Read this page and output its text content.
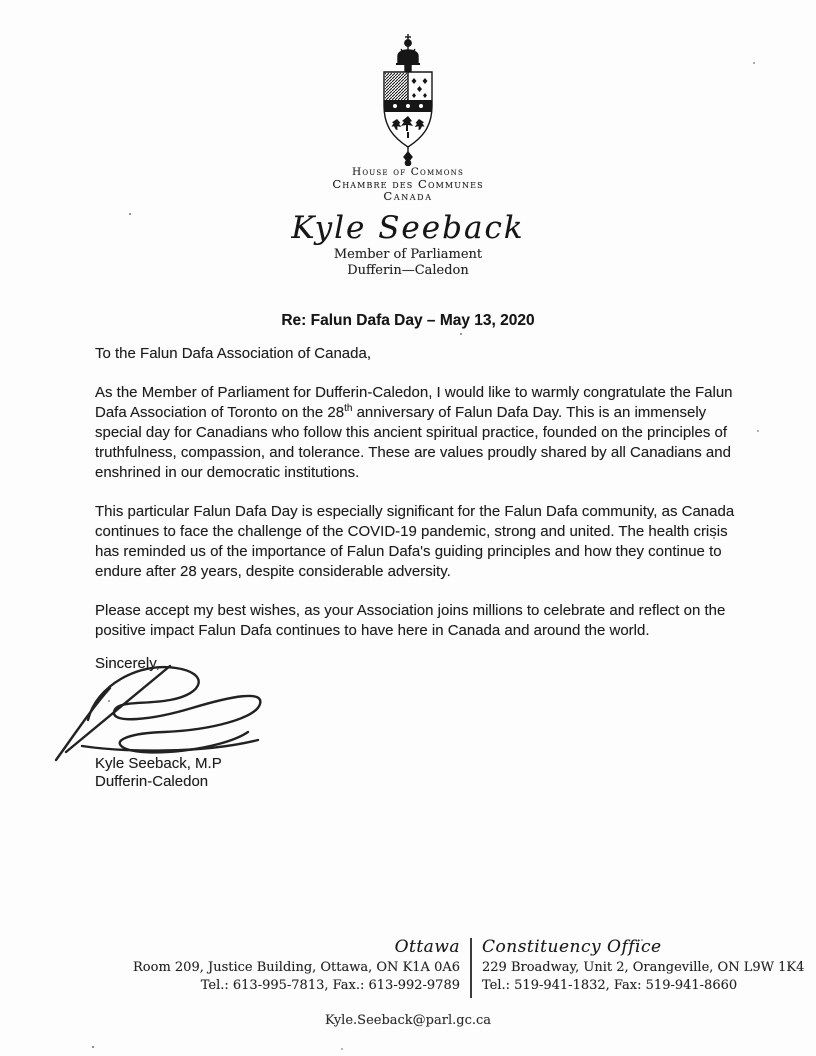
House of Commons
Chambre des Communes
Canada
Kyle Seeback
Member of Parliament
Dufferin—Caledon
Re: Falun Dafa Day – May 13, 2020

To the Falun Dafa Association of Canada,

As the Member of Parliament for Dufferin-Caledon, I would like to warmly congratulate the Falun Dafa Association of Toronto on the 28th anniversary of Falun Dafa Day. This is an immensely special day for Canadians who follow this ancient spiritual practice, founded on the principles of truthfulness, compassion, and tolerance. These are values proudly shared by all Canadians and enshrined in our democratic institutions.

This particular Falun Dafa Day is especially significant for the Falun Dafa community, as Canada continues to face the challenge of the COVID-19 pandemic, strong and united. The health crisis has reminded us of the importance of Falun Dafa's guiding principles and how they continue to endure after 28 years, despite considerable adversity.

Please accept my best wishes, as your Association joins millions to celebrate and reflect on the positive impact Falun Dafa continues to have here in Canada and around the world.

Sincerely,
Kyle Seeback, M.P
Dufferin-Caledon
Ottawa
Room 209, Justice Building, Ottawa, ON K1A 0A6
Tel.: 613-995-7813, Fax.: 613-992-9789
Constituency Office
229 Broadway, Unit 2, Orangeville, ON L9W 1K4
Tel.: 519-941-1832, Fax: 519-941-8660
Kyle.Seeback@parl.gc.ca
